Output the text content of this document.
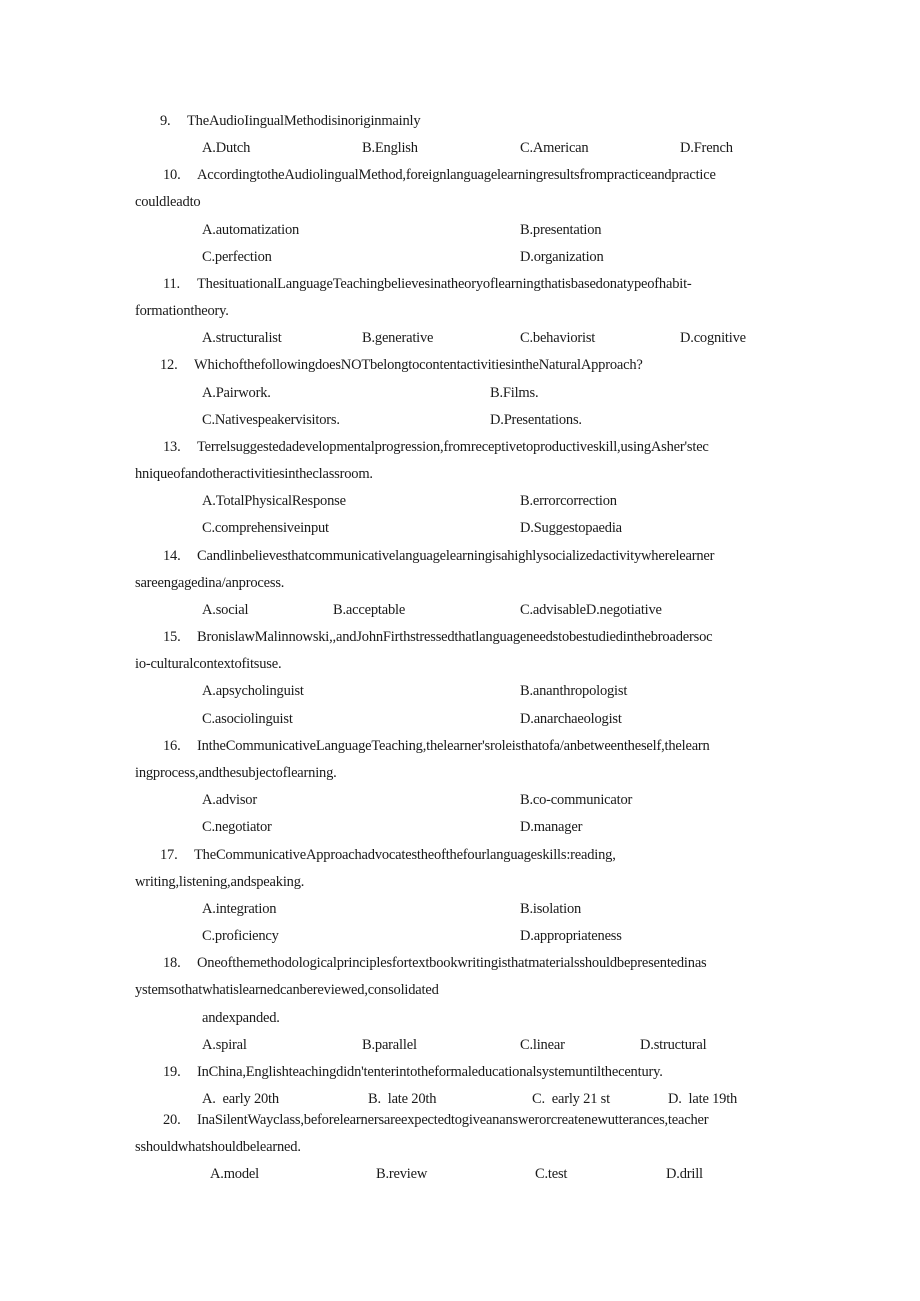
9. TheAudioIingualMethodisinoriginmainly
A.Dutch	B.English	C.American	D.French
10. AccordingtotheAudiolingualMethod,foreignlanguagelearningresultsfrompracticeandpractice
couldleadto
A.automatization	B.presentation
C.perfection	D.organization
11. ThesituationalLanguageTeachingbelievesinatheoryoflearningthatisbasedonatypeofhabit-
formationtheory.
A.structuralist	B.generative	C.behaviorist	D.cognitive
12. WhichofthefollowingdoesNOTbelongtocontentactivitiesintheNaturalApproach?
A.Pairwork.	B.Films.
C.Nativespeakervisitors.	D.Presentations.
13. Terrelsuggestedadevelopmentalprogression,fromreceptivetoproductiveskill,usingAsher'stec
hniqueofandotheractivitiesintheclassroom.
A.TotalPhysicalResponse	B.errorcorrection
C.comprehensiveinput	D.Suggestopaedia
14. Candlinbelievesthatcommunicativelanguagelearningisahighlysocializedactivitywherelearner
sareengagedina/anprocess.
A.social	B.acceptable	C.advisableD.negotiative
15. BronislawMalinnowski,,andJohnFirthstressedthatlanguageneedstobestudiedinthebroadersoc
io-culturalcontextofitsuse.
A.apsycholinguist	B.ananthropologist
C.asociolinguist	D.anarchaeologist
16. IntheCommunicativeLanguageTeaching,thelearner'sroleisthatofa/anbetweentheself,thelearn
ingprocess,andthesubjectoflearning.
A.advisor	B.co-communicator
C.negotiator	D.manager
17. TheCommunicativeApproachadvocatestheofthefourlanguageskills:reading,
writing,listening,andspeaking.
A.integration	B.isolation
C.proficiency	D.appropriateness
18. Oneofthemethodologicalprinciplesfortextbookwritingisthatmaterialsshouldbepresentedinas
ystemsothatwhatislearnedcanbereviewed,consolidated
andexpanded.
A.spiral	B.parallel	C.linear	D.structural
19. InChina,Englishteachingdidn'tenterintotheformaleducationalsystemuntilthecentury.
A.  early 20th	B.  late 20th	C.  early 21 st	D.  late 19th
20. InaSilentWayclass,beforelearnersareexpectedtogiveananswerorcreatenewutterances,teacher
sshouldwhatshouldbelearned.
A.model	B.review	C.test	D.drill
